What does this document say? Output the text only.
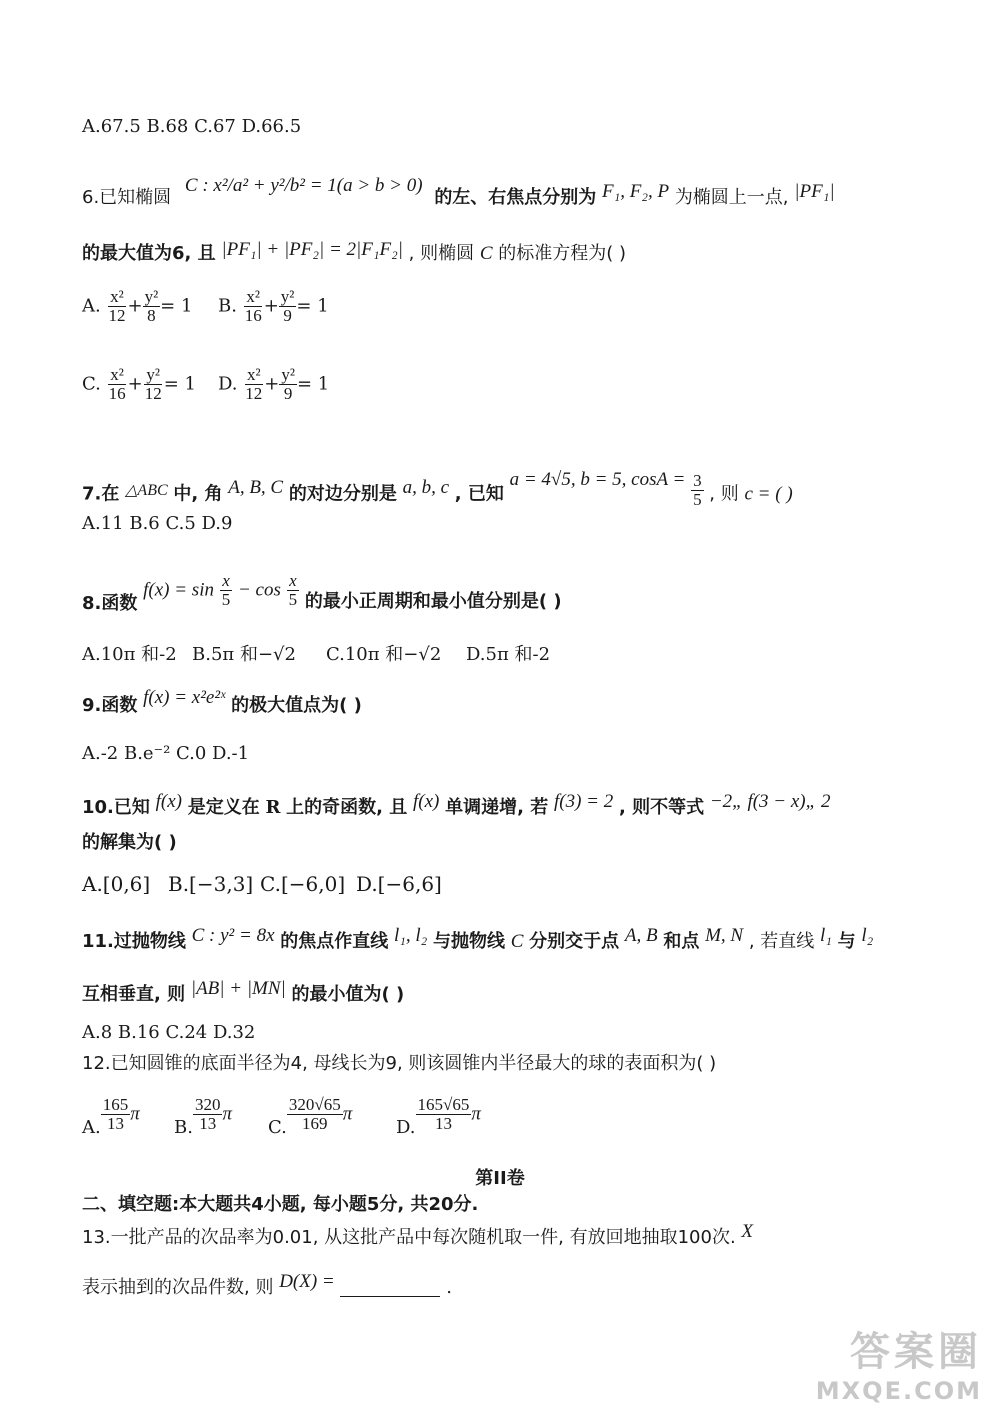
A.67.5 B.68 C.67 D.66.5
6.已知椭圆 C : x²/a² + y²/b² = 1(a > b > 0) 的左、右焦点分别为 F₁, F₂, P 为椭圆上一点, |PF₁|
的最大值为6, 且 |PF₁| + |PF₂| = 2|F₁F₂| , 则椭圆 C 的标准方程为( )
A. $\frac{\text{x²}}{12} + \frac{\text{y²}}{8} = 1$ B. $\frac{\text{x²}}{16} + \frac{\text{y²}}{9} = 1$
C. $\frac{\text{x²}}{16} + \frac{\text{y²}}{12} = 1$ D. $\frac{\text{x²}}{12} + \frac{\text{y²}}{9} = 1$
7.在 △ABC 中, 角 A, B, C 的对边分别是 a, b, c , 已知 a = 4√5, b = 5, $\cos A = \frac{3}{5}$ , 则 c = ( )
A.11 B.6 C.5 D.9
8.函数 $f(x) = \sin \frac{x}{5} - \cos \frac{x}{5}$ 的最小正周期和最小值分别是( )
A.10π 和-2 B.5π 和−√2 C.10π 和−√2 D.5π 和-2
9.函数 f(x) = x²e²ˣ 的极大值点为( )
A.-2 B.e⁻² C.0 D.-1
10.已知 f(x) 是定义在 R 上的奇函数, 且 f(x) 单调递增, 若 f(3) = 2 , 则不等式 −2„ f(3 − x)„ 2
的解集为( )
A.[0,6] B.[−3,3] C.[−6,0] D.[−6,6]
11.过抛物线 C : y² = 8x 的焦点作直线 l₁, l₂ 与抛物线 C 分别交于点 A, B 和点 M, N , 若直线 l₁ 与 l₂
互相垂直, 则 |AB| + |MN| 的最小值为( )
A.8 B.16 C.24 D.32
12.已知圆锥的底面半径为4, 母线长为9, 则该圆锥内半径最大的球的表面积为( )
A. $\frac{165}{13}$ π
B. $\frac{320}{13}$ π
C. $\frac{320√65}{169}$ π
D. $\frac{165√65}{13}$ π
第II卷
二、填空题:本大题共4小题, 每小题5分, 共20分.
13.一批产品的次品率为0.01, 从这批产品中每次随机取一件, 有放回地抽取100次. X
表示抽到的次品件数, 则 D(X) =	.
答案圈
MXQE.COM
